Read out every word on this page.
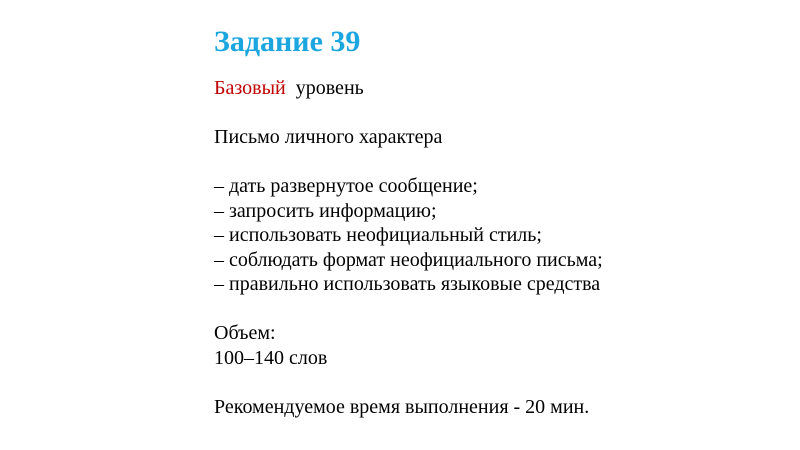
Задание 39
Базовый уровень
Письмо личного характера
– дать развернутое сообщение;
– запросить информацию;
– использовать неофициальный стиль;
– соблюдать формат неофициального письма;
– правильно использовать языковые средства
Объем:
100–140 слов
Рекомендуемое время выполнения - 20 мин.
